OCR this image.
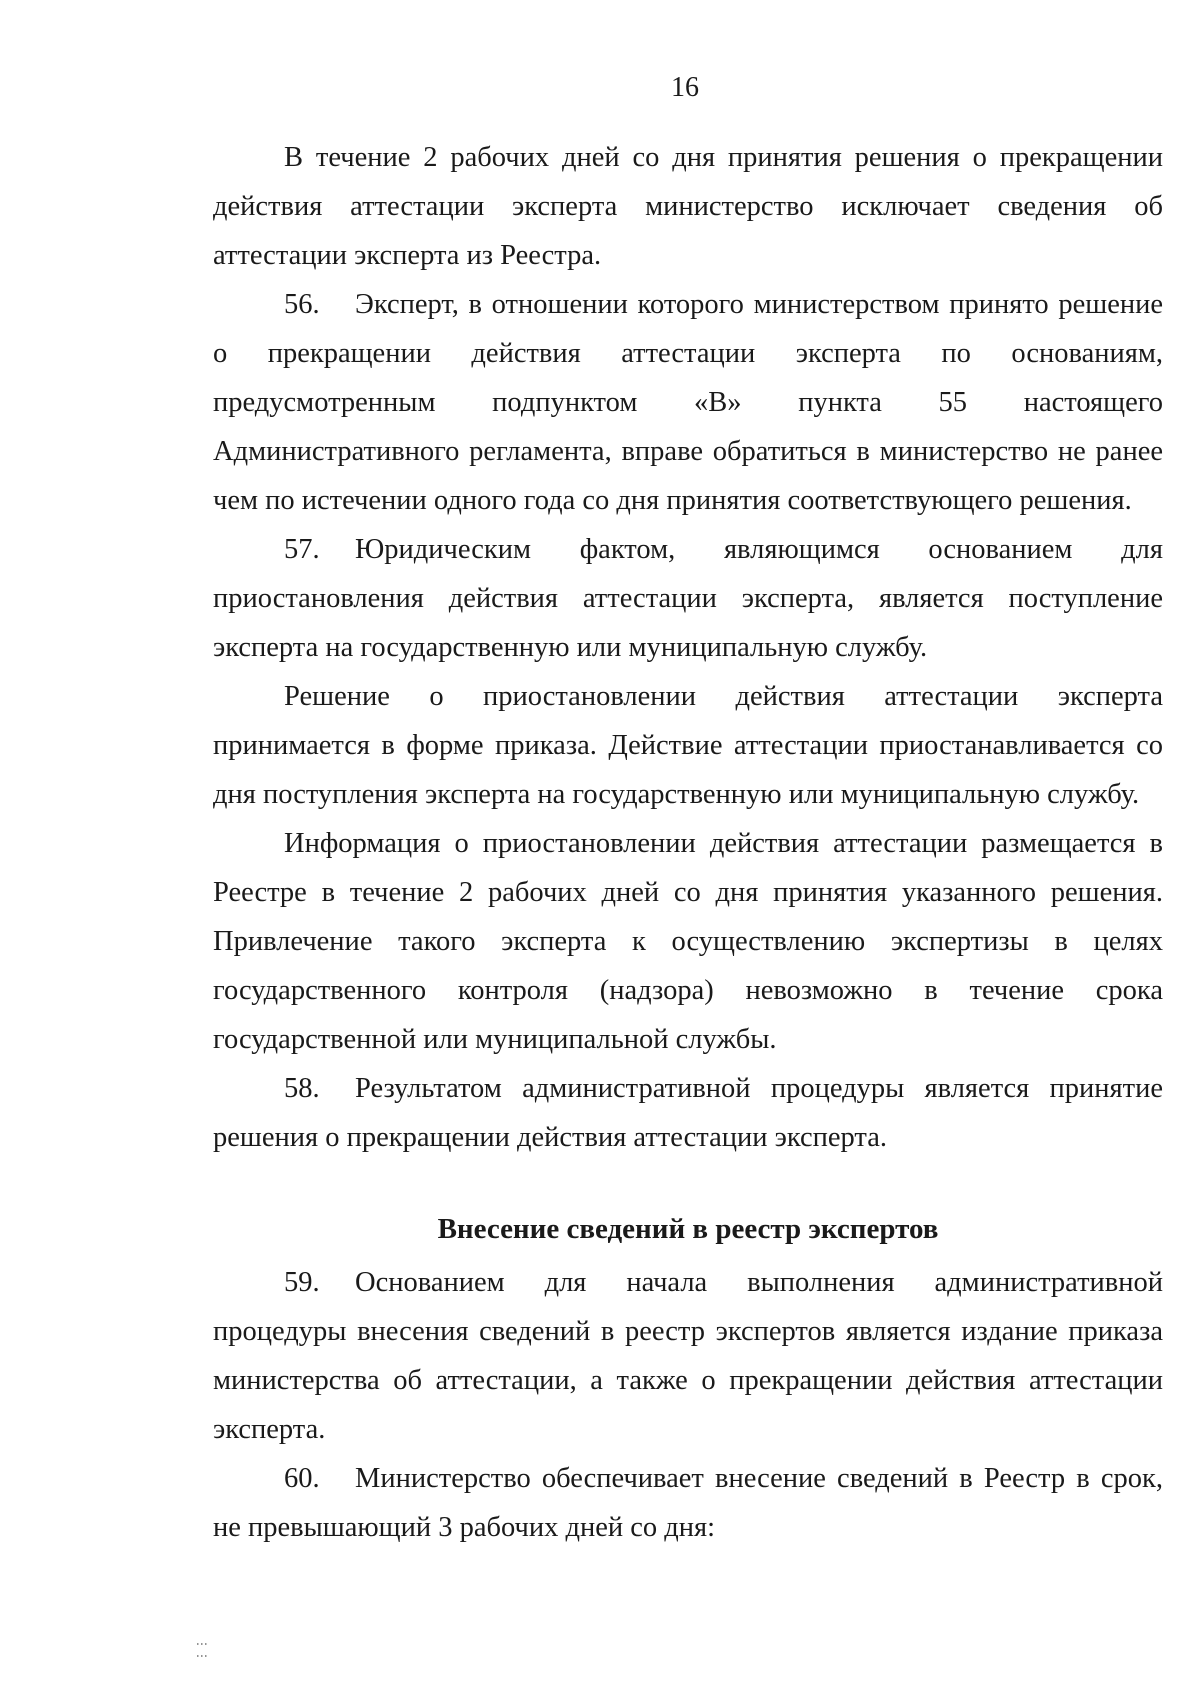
16

В течение 2 рабочих дней со дня принятия решения о прекращении действия аттестации эксперта министерство исключает сведения об аттестации эксперта из Реестра.

56. Эксперт, в отношении которого министерством принято решение о прекращении действия аттестации эксперта по основаниям, предусмотренным подпунктом «В» пункта 55 настоящего Административного регламента, вправе обратиться в министерство не ранее чем по истечении одного года со дня принятия соответствующего решения.

57. Юридическим фактом, являющимся основанием для приостановления действия аттестации эксперта, является поступление эксперта на государственную или муниципальную службу.

Решение о приостановлении действия аттестации эксперта принимается в форме приказа. Действие аттестации приостанавливается со дня поступления эксперта на государственную или муниципальную службу.

Информация о приостановлении действия аттестации размещается в Реестре в течение 2 рабочих дней со дня принятия указанного решения. Привлечение такого эксперта к осуществлению экспертизы в целях государственного контроля (надзора) невозможно в течение срока государственной или муниципальной службы.

58. Результатом административной процедуры является принятие решения о прекращении действия аттестации эксперта.

Внесение сведений в реестр экспертов

59. Основанием для начала выполнения административной процедуры внесения сведений в реестр экспертов является издание приказа министерства об аттестации, а также о прекращении действия аттестации эксперта.

60. Министерство обеспечивает внесение сведений в Реестр в срок, не превышающий 3 рабочих дней со дня:

⋮⋮
